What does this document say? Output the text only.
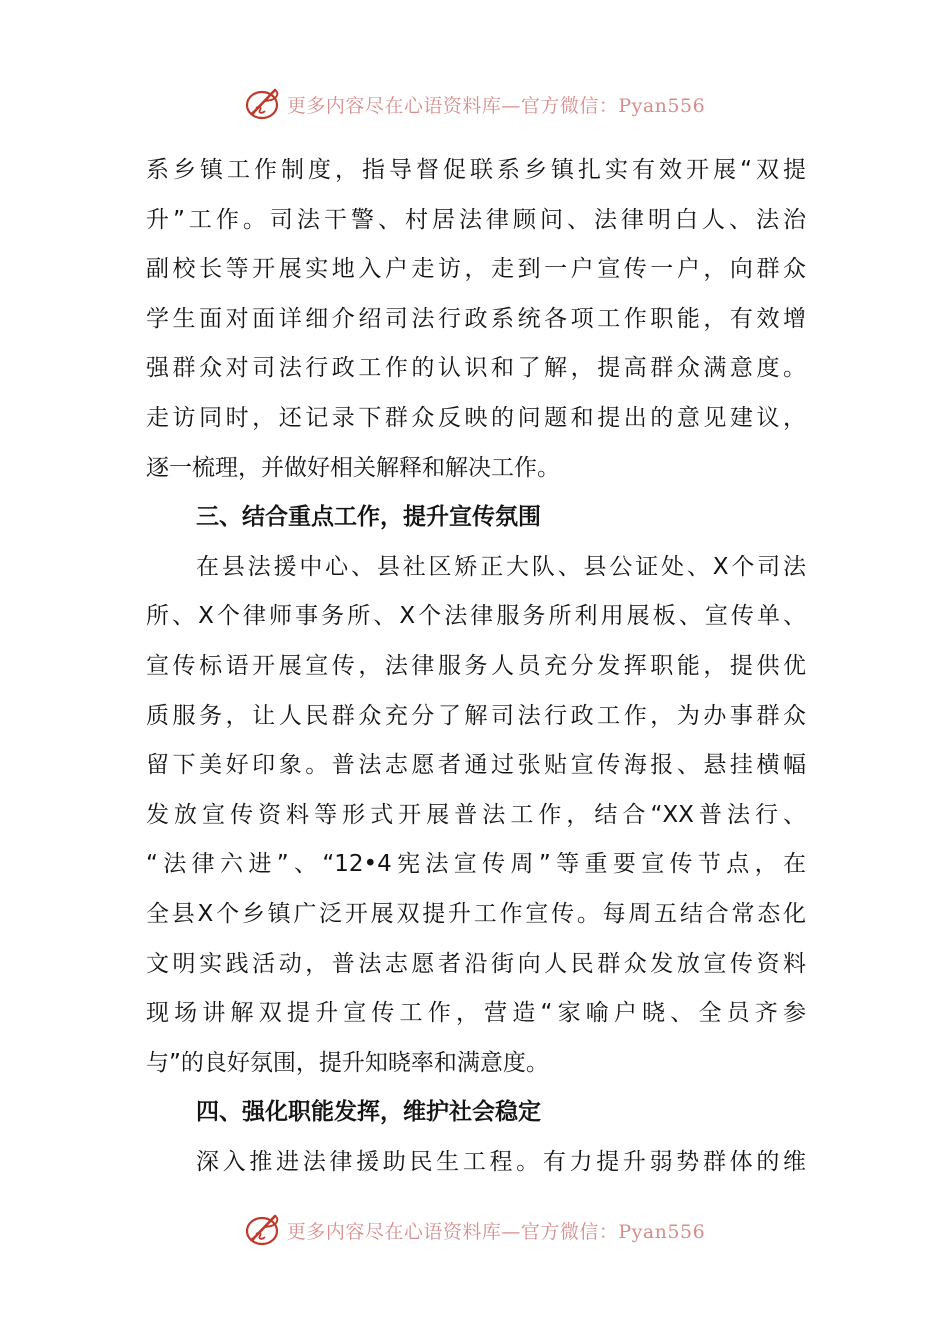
更多内容尽在心语资料库—官方微信：Pyan556
系乡镇工作制度，指导督促联系乡镇扎实有效开展“双提
升”工作。司法干警、村居法律顾问、法律明白人、法治
副校长等开展实地入户走访，走到一户宣传一户，向群众
学生面对面详细介绍司法行政系统各项工作职能，有效增
强群众对司法行政工作的认识和了解，提高群众满意度。
走访同时，还记录下群众反映的问题和提出的意见建议，
逐一梳理，并做好相关解释和解决工作。
三、结合重点工作，提升宣传氛围
在县法援中心、县社区矫正大队、县公证处、X个司法
所、X个律师事务所、X个法律服务所利用展板、宣传单、
宣传标语开展宣传，法律服务人员充分发挥职能，提供优
质服务，让人民群众充分了解司法行政工作，为办事群众
留下美好印象。普法志愿者通过张贴宣传海报、悬挂横幅
发放宣传资料等形式开展普法工作，结合“XX普法行、
“法律六进”、“12•4宪法宣传周”等重要宣传节点，在
全县X个乡镇广泛开展双提升工作宣传。每周五结合常态化
文明实践活动，普法志愿者沿街向人民群众发放宣传资料
现场讲解双提升宣传工作，营造“家喻户晓、全员齐参
与”的良好氛围，提升知晓率和满意度。
四、强化职能发挥，维护社会稳定
深入推进法律援助民生工程。有力提升弱势群体的维
更多内容尽在心语资料库—官方微信：Pyan556
